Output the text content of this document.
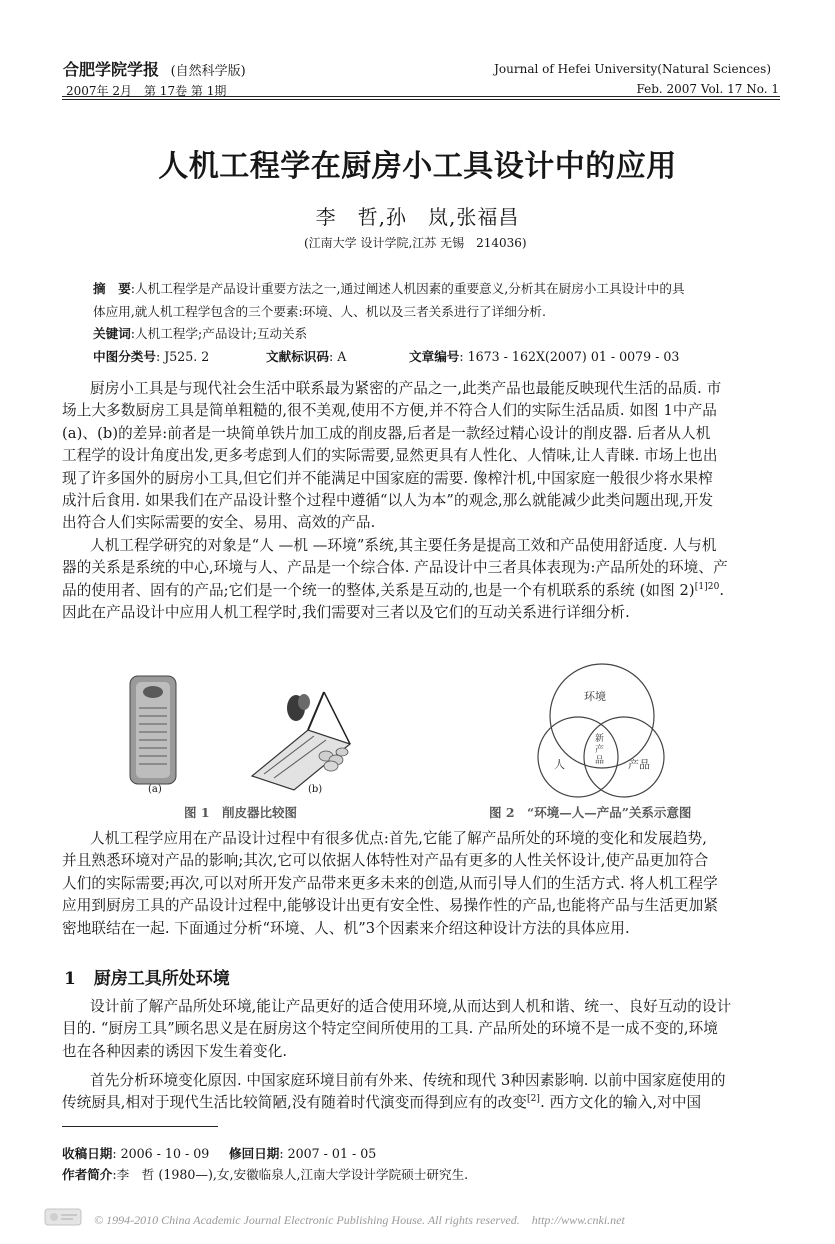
合肥学院学报 (自然科学版)
2007年 2月　第 17卷 第 1期
Journal of Hefei University(Natural Sciences)
Feb. 2007 Vol. 17 No. 1
人机工程学在厨房小工具设计中的应用
李　哲,孙　岚,张福昌
(江南大学 设计学院,江苏 无锡　214036)
摘　要:人机工程学是产品设计重要方法之一,通过阐述人机因素的重要意义,分析其在厨房小工具设计中的具
体应用,就人机工程学包含的三个要素:环境、人、机以及三者关系进行了详细分析.
关键词:人机工程学;产品设计;互动关系
中图分类号: J525. 2	文献标识码: A	文章编号: 1673 - 162X(2007) 01 - 0079 - 03
厨房小工具是与现代社会生活中联系最为紧密的产品之一,此类产品也最能反映现代生活的品质. 市
场上大多数厨房工具是简单粗糙的,很不美观,使用不方便,并不符合人们的实际生活品质. 如图 1中产品
(a)、(b)的差异:前者是一块简单铁片加工成的削皮器,后者是一款经过精心设计的削皮器. 后者从人机
工程学的设计角度出发,更多考虑到人们的实际需要,显然更具有人性化、人情味,让人青睐. 市场上也出
现了许多国外的厨房小工具,但它们并不能满足中国家庭的需要. 像榨汁机,中国家庭一般很少将水果榨
成汁后食用. 如果我们在产品设计整个过程中遵循“以人为本”的观念,那么就能减少此类问题出现,开发
出符合人们实际需要的安全、易用、高效的产品.
人机工程学研究的对象是“人 —机 —环境”系统,其主要任务是提高工效和产品使用舒适度. 人与机
器的关系是系统的中心,环境与人、产品是一个综合体. 产品设计中三者具体表现为:产品所处的环境、产
品的使用者、固有的产品;它们是一个统一的整体,关系是互动的,也是一个有机联系的系统 (如图 2)$^{[1]20}$.
因此在产品设计中应用人机工程学时,我们需要对三者以及它们的互动关系进行详细分析.
(a)	(b)
图 1　削皮器比较图
环境
人	产品
新
产
品
图 2　“环境—人—产品”关系示意图
人机工程学应用在产品设计过程中有很多优点:首先,它能了解产品所处的环境的变化和发展趋势,
并且熟悉环境对产品的影响;其次,它可以依据人体特性对产品有更多的人性关怀设计,使产品更加符合
人们的实际需要;再次,可以对所开发产品带来更多未来的创造,从而引导人们的生活方式. 将人机工程学
应用到厨房工具的产品设计过程中,能够设计出更有安全性、易操作性的产品,也能将产品与生活更加紧
密地联结在一起. 下面通过分析“环境、人、机”3个因素来介绍这种设计方法的具体应用.
1 厨房工具所处环境
设计前了解产品所处环境,能让产品更好的适合使用环境,从而达到人机和谐、统一、良好互动的设计
目的. “厨房工具”顾名思义是在厨房这个特定空间所使用的工具. 产品所处的环境不是一成不变的,环境
也在各种因素的诱因下发生着变化.
首先分析环境变化原因. 中国家庭环境目前有外来、传统和现代 3种因素影响. 以前中国家庭使用的
传统厨具,相对于现代生活比较简陋,没有随着时代演变而得到应有的改变[2]. 西方文化的输入,对中国
收稿日期: 2006 - 10 - 09 修回日期: 2007 - 01 - 05
作者简介:李　哲 (1980—),女,安徽临泉人,江南大学设计学院硕士研究生.
© 1994-2010 China Academic Journal Electronic Publishing House. All rights reserved.　http://www.cnki.net
